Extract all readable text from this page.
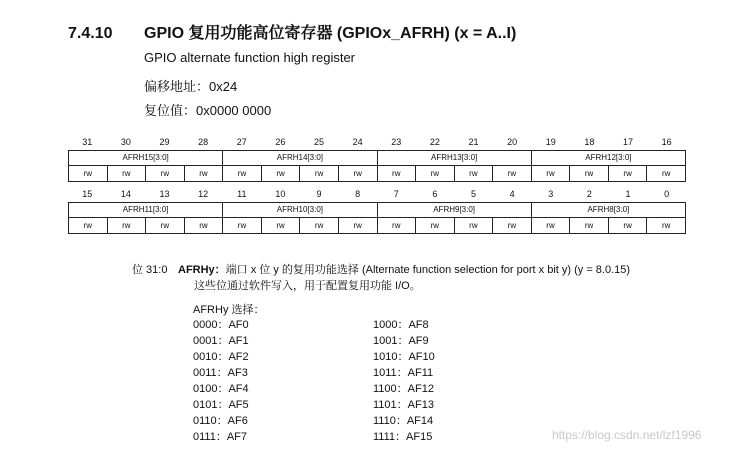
7.4.10 GPIO 复用功能高位寄存器 (GPIOx_AFRH) (x = A..I)
GPIO alternate function high register
偏移地址：0x24
复位值：0x0000 0000
31	30	29	28	27	26	25	24	23	22	21	20	19	18	17	16
AFRH15[3:0]	AFRH14[3:0]	AFRH13[3:0]	AFRH12[3:0]
rw	rw	rw	rw	rw	rw	rw	rw	rw	rw	rw	rw	rw	rw	rw	rw
15	14	13	12	11	10	9	8	7	6	5	4	3	2	1	0
AFRH11[3:0]	AFRH10[3:0]	AFRH9[3:0]	AFRH8[3:0]
rw	rw	rw	rw	rw	rw	rw	rw	rw	rw	rw	rw	rw	rw	rw	rw
位 31:0 AFRHy：端口 x 位 y 的复用功能选择 (Alternate function selection for port x bit y) (y = 8.0.15)
这些位通过软件写入，用于配置复用功能 I/O。
AFRHy 选择：
0000：AF0
0001：AF1
0010：AF2
0011：AF3
0100：AF4
0101：AF5
0110：AF6
0111：AF7
1000：AF8
1001：AF9
1010：AF10
1011：AF11
1100：AF12
1101：AF13
1110：AF14
1111：AF15	https://blog.csdn.net/lzf1996
